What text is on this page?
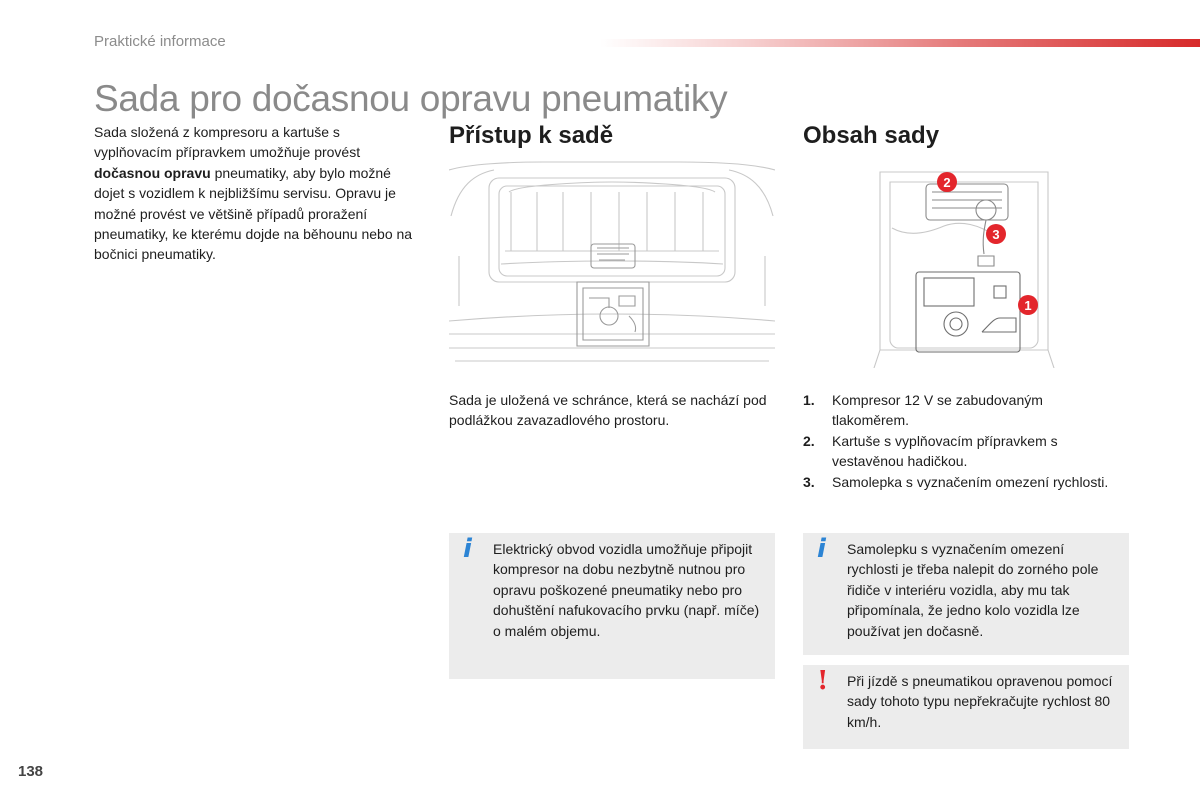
Praktické informace
Sada pro dočasnou opravu pneumatiky

Sada složená z kompresoru a kartuše s vyplňovacím přípravkem umožňuje provést dočasnou opravu pneumatiky, aby bylo možné dojet s vozidlem k nejbližšímu servisu. Opravu je možné provést ve většině případů proražení pneumatiky, ke kterému dojde na běhounu nebo na bočnici pneumatiky.

Přístup k sadě

Sada je uložená ve schránce, která se nachází pod podlážkou zavazadlového prostoru.

i Elektrický obvod vozidla umožňuje připojit kompresor na dobu nezbytně nutnou pro opravu poškozené pneumatiky nebo pro dohuštění nafukovacího prvku (např. míče) o malém objemu.

Obsah sady
1
2
3
1. Kompresor 12 V se zabudovaným tlakoměrem.
2. Kartuše s vyplňovacím přípravkem s vestavěnou hadičkou.
3. Samolepka s vyznačením omezení rychlosti.
i Samolepku s vyznačením omezení rychlosti je třeba nalepit do zorného pole řidiče v interiéru vozidla, aby mu tak připomínala, že jedno kolo vozidla lze používat jen dočasně.

! Při jízdě s pneumatikou opravenou pomocí sady tohoto typu nepřekračujte rychlost 80 km/h.

138
